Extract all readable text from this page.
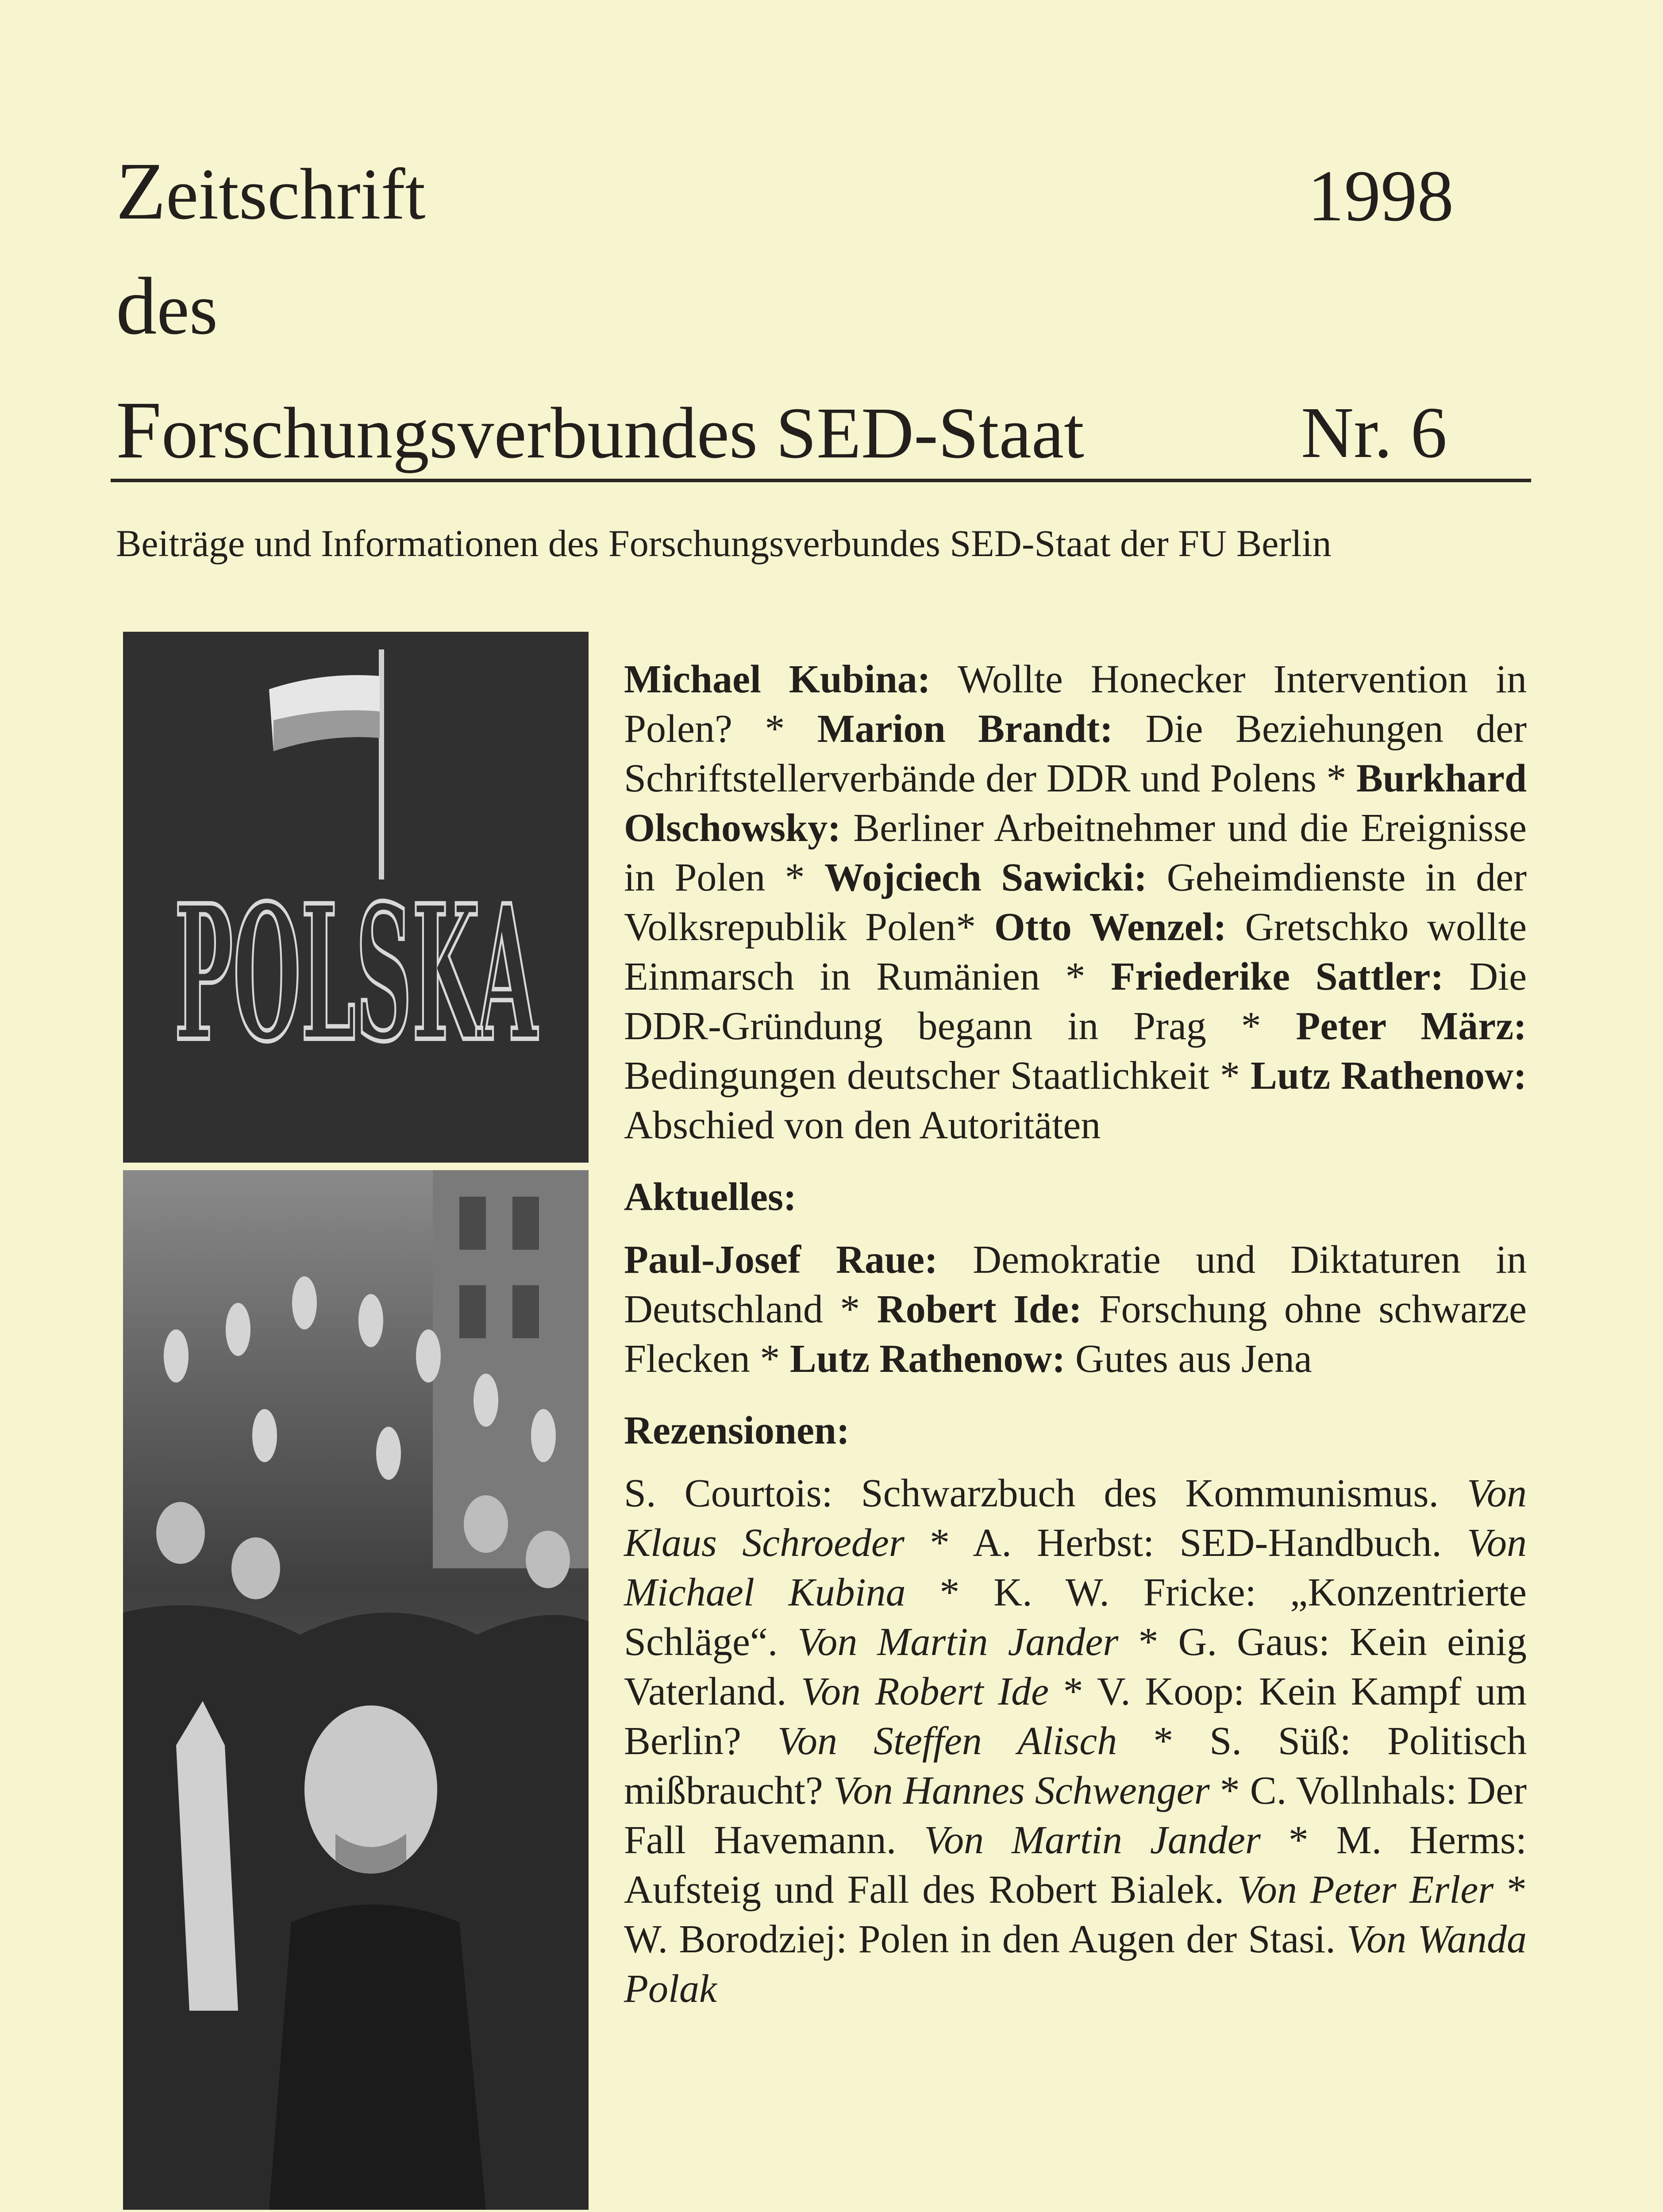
Zeitschrift	1998
des
Forschungsverbundes SED-Staat	Nr. 6
Beiträge und Informationen des Forschungsverbundes SED-Staat der FU Berlin
POLSKA

Michael Kubina: Wollte Honecker Intervention in Polen? * Marion Brandt: Die Beziehungen der Schriftstellerverbände der DDR und Polens * Burkhard Olschowsky: Berliner Arbeitnehmer und die Ereignisse in Polen * Wojciech Sawicki: Geheimdienste in der Volksrepublik Polen* Otto Wenzel: Gretschko wollte Einmarsch in Rumänien * Friederike Sattler: Die DDR-Gründung begann in Prag * Peter März: Bedingungen deutscher Staatlichkeit * Lutz Rathenow: Abschied von den Autoritäten

Aktuelles:

Paul-Josef Raue: Demokratie und Diktaturen in Deutschland * Robert Ide: Forschung ohne schwarze Flecken * Lutz Rathenow: Gutes aus Jena

Rezensionen:

S. Courtois: Schwarzbuch des Kommunismus. Von Klaus Schroeder * A. Herbst: SED-Handbuch. Von Michael Kubina * K. W. Fricke: „Konzentrierte Schläge“. Von Martin Jander * G. Gaus: Kein einig Vaterland. Von Robert Ide * V. Koop: Kein Kampf um Berlin? Von Steffen Alisch * S. Süß: Politisch mißbraucht? Von Hannes Schwenger * C. Vollnhals: Der Fall Havemann. Von Martin Jander * M. Herms: Aufsteig und Fall des Robert Bialek. Von Peter Erler * W. Borodziej: Polen in den Augen der Stasi. Von Wanda Polak
